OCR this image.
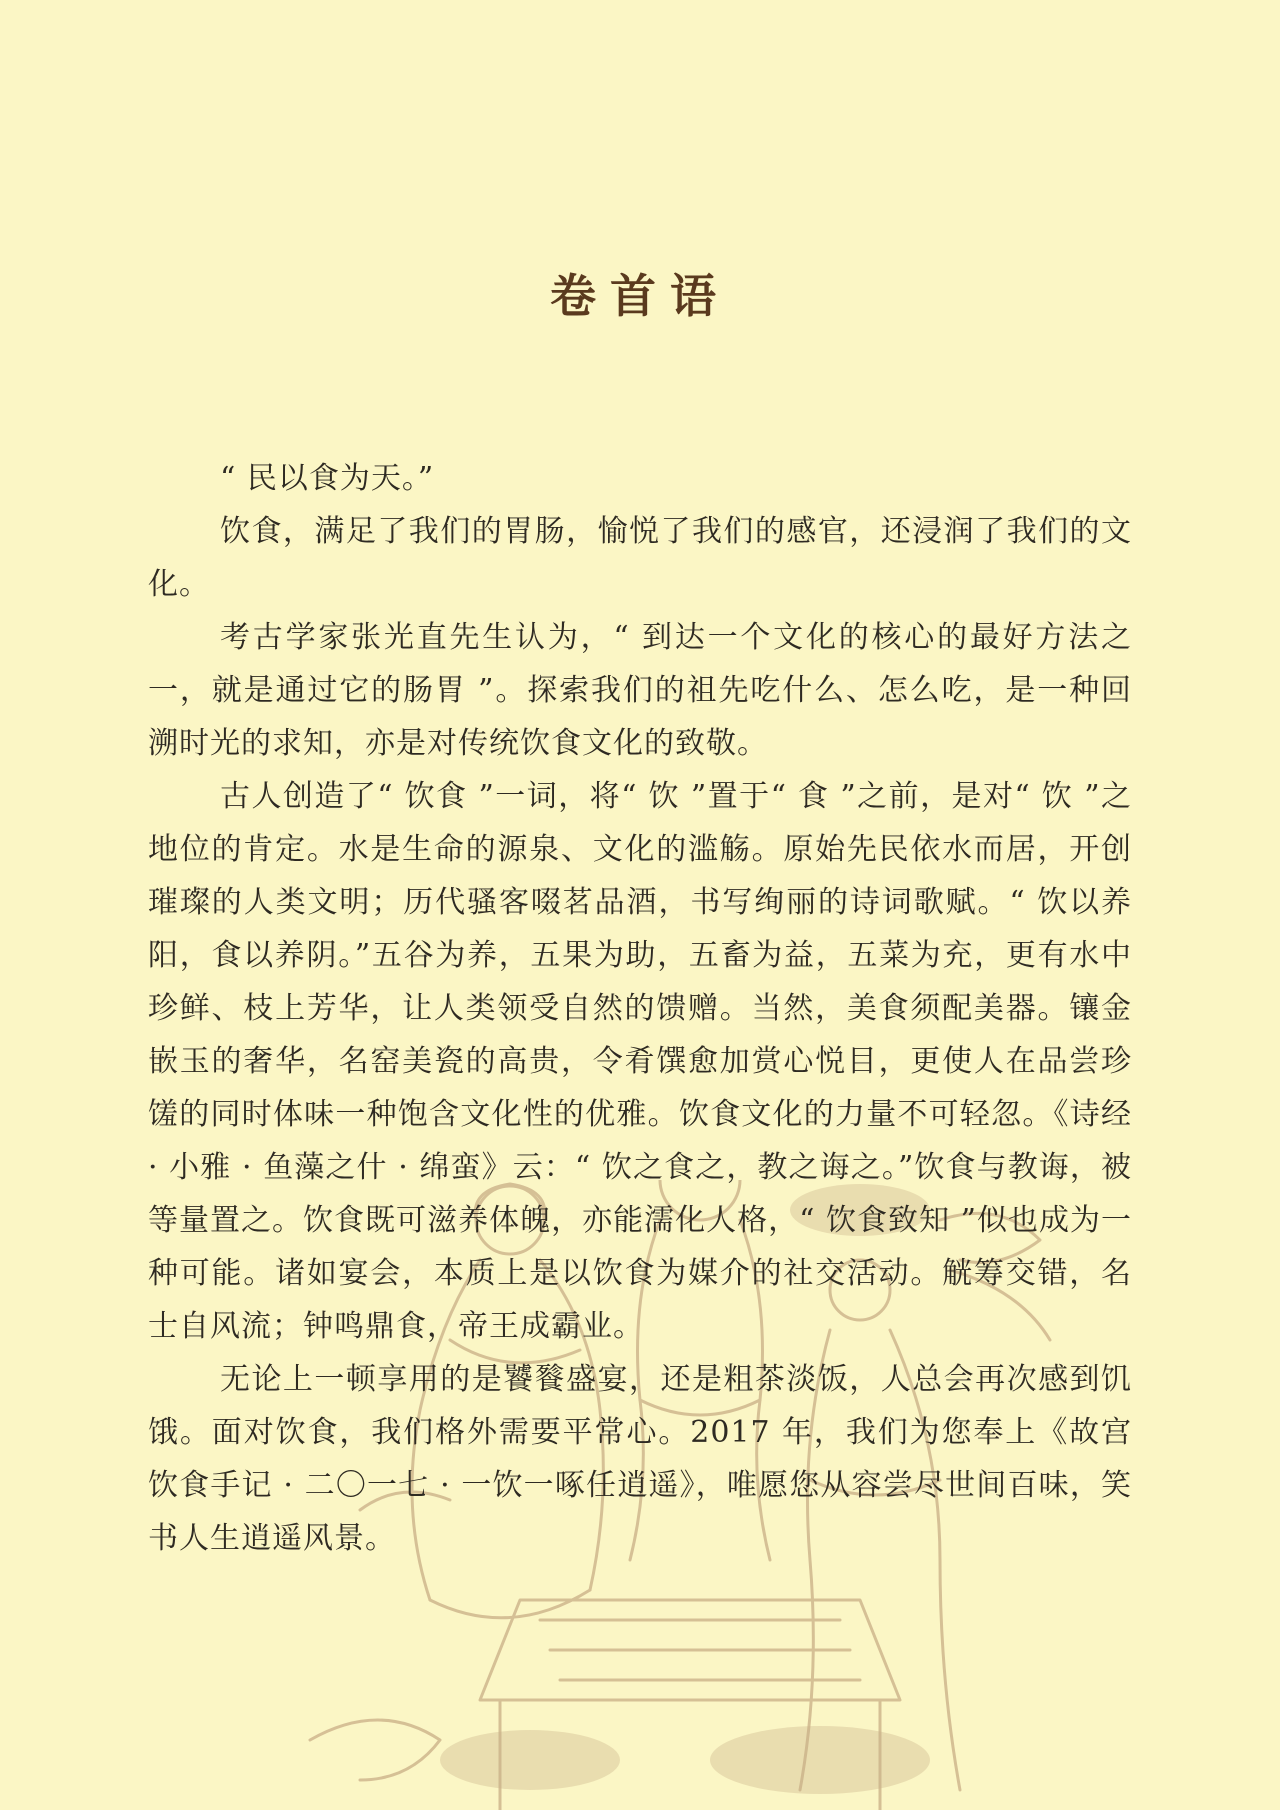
卷首语

“ 民以食为天。”

饮食，满足了我们的胃肠，愉悦了我们的感官，还浸润了我们的文化。

考古学家张光直先生认为，“ 到达一个文化的核心的最好方法之一，就是通过它的肠胃 ”。探索我们的祖先吃什么、怎么吃，是一种回溯时光的求知，亦是对传统饮食文化的致敬。

古人创造了“ 饮食 ”一词，将“ 饮 ”置于“ 食 ”之前，是对“ 饮 ”之地位的肯定。水是生命的源泉、文化的滥觞。原始先民依水而居，开创璀璨的人类文明；历代骚客啜茗品酒，书写绚丽的诗词歌赋。“ 饮以养阳，食以养阴。”五谷为养，五果为助，五畜为益，五菜为充，更有水中珍鲜、枝上芳华，让人类领受自然的馈赠。当然，美食须配美器。镶金嵌玉的奢华，名窑美瓷的高贵，令肴馔愈加赏心悦目，更使人在品尝珍馐的同时体味一种饱含文化性的优雅。饮食文化的力量不可轻忽。《诗经 · 小雅 · 鱼藻之什 · 绵蛮》云：“ 饮之食之，教之诲之。”饮食与教诲，被等量置之。饮食既可滋养体魄，亦能濡化人格，“ 饮食致知 ”似也成为一种可能。诸如宴会，本质上是以饮食为媒介的社交活动。觥筹交错，名士自风流；钟鸣鼎食，帝王成霸业。

无论上一顿享用的是饕餮盛宴，还是粗茶淡饭，人总会再次感到饥饿。面对饮食，我们格外需要平常心。2017 年，我们为您奉上《故宫饮食手记 · 二〇一七 · 一饮一啄任逍遥》，唯愿您从容尝尽世间百味，笑书人生逍遥风景。
